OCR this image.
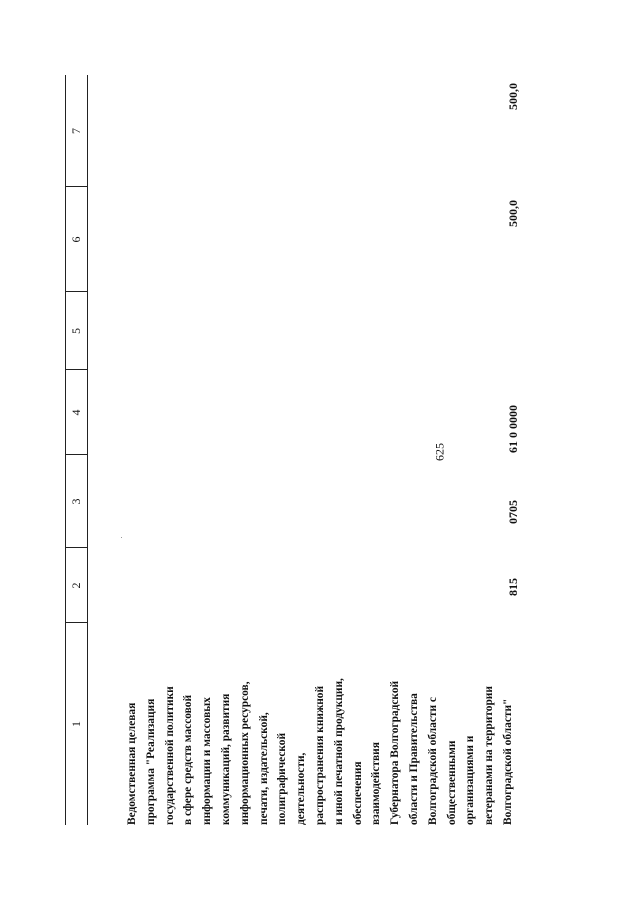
625
1
2
3
4
5
6
7
Ведомственная целевая программа "Реализация государственной политики в сфере средств массовой информации и массовых коммуникаций, развития информационных ресурсов, печати, издательской, полиграфической деятельности, распространения книжной и иной печатной продукции, обеспечения взаимодействия Губернатора Волгоградской области и Правительства Волгоградской области с общественными организациями и ветеранами на территории Волгоградской области"
815
0705
61 0 0000
500,0
500,0
